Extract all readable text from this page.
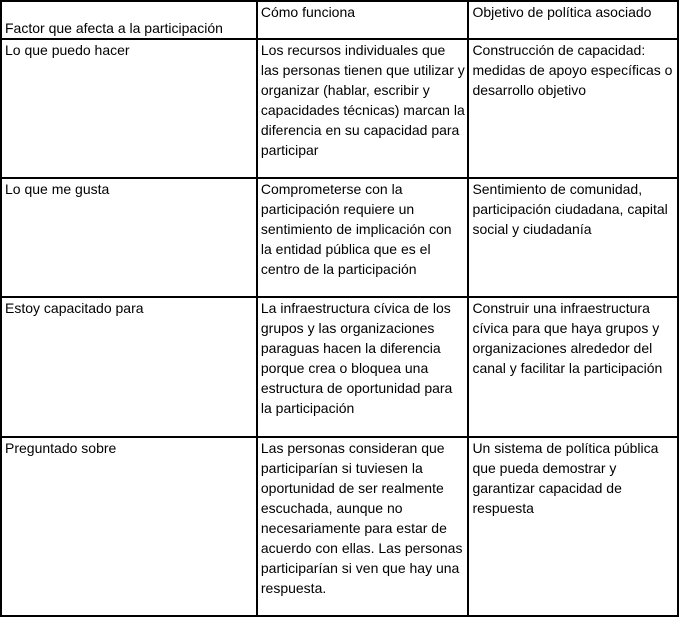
Factor que afecta a la participación	Cómo funciona	Objetivo de política asociado
Lo que puedo hacer	Los recursos individuales que las personas tienen que utilizar y organizar (hablar, escribir y capacidades técnicas) marcan la diferencia en su capacidad para participar	Construcción de capacidad: medidas de apoyo específicas o desarrollo objetivo
Lo que me gusta	Comprometerse con la participación requiere un sentimiento de implicación con la entidad pública que es el centro de la participación	Sentimiento de comunidad, participación ciudadana, capital social y ciudadanía
Estoy capacitado para	La infraestructura cívica de los grupos y las organizaciones paraguas hacen la diferencia porque crea o bloquea una estructura de oportunidad para la participación	Construir una infraestructura cívica para que haya grupos y organizaciones alrededor del canal y facilitar la participación
Preguntado sobre	Las personas consideran que participarían si tuviesen la oportunidad de ser realmente escuchada, aunque no necesariamente para estar de acuerdo con ellas. Las personas participarían si ven que hay una respuesta.	Un sistema de política pública que pueda demostrar y garantizar capacidad de respuesta
